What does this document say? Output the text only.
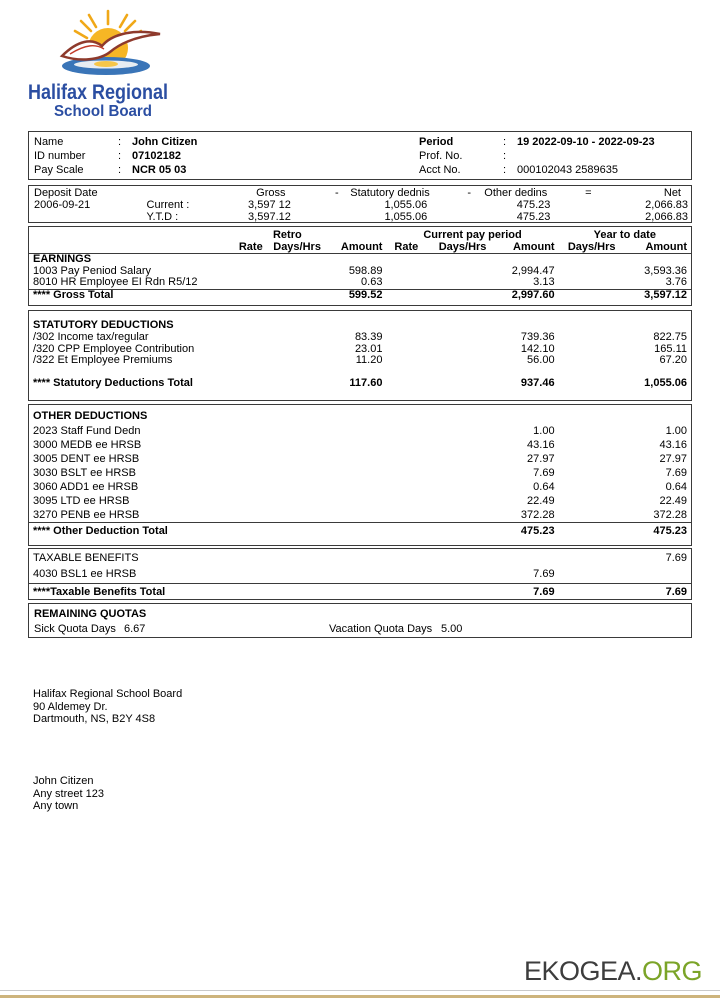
Halifax Regional
School Board
Name	: John Citizen
ID number	: 07102182
Pay Scale	: NCR 05 03
Period	: 19 2022-09-10 - 2022-09-23
Prof. No.	:
Acct No.	: 000102043 2589635
Deposit Date		Gross	-	Statutory dednis	-	Other dedins	=	Net
2006-09-21	Current :	3,597 12		1,055.06		475.23		2,066.83
	Y.T.D :	3,597.12		1,055.06		475.23		2,066.83
	Retro			Current pay period			Year to date	
	Rate	Days/Hrs	Amount	Rate	Days/Hrs	Amount	Days/Hrs	Amount
EARNINGS								
1003 Pay Peniod Salary			598.89			2,994.47		3,593.36
8010 HR Employee EI Rdn R5/12			0.63			3.13		3.76
**** Gross Total			599.52			2,997.60		3,597.12
STATUTORY DEDUCTIONS								
/302 Income tax/regular			83.39			739.36		822.75
/320 CPP Employee Contribution			23.01			142.10		165.11
/322 Et Employee Premiums			11.20			56.00		67.20

**** Statutory Deductions Total			117.60			937.46		1,055.06
OTHER DEDUCTIONS								
2023 Staff Fund Dedn						1.00		1.00
3000 MEDB ee HRSB						43.16		43.16
3005 DENT ee HRSB						27.97		27.97
3030 BSLT ee HRSB						7.69		7.69
3060 ADD1 ee HRSB						0.64		0.64
3095 LTD ee HRSB						22.49		22.49
3270 PENB ee HRSB						372.28		372.28
**** Other Deduction Total						475.23		475.23
TAXABLE BENEFITS								7.69
4030 BSL1 ee HRSB						7.69		
****Taxable Benefits Total						7.69		7.69
REMAINING QUOTAS
Sick Quota Days 6.67	Vacation Quota Days 5.00
Halifax Regional School Board
90 Aldemey Dr.
Dartmouth, NS, B2Y 4S8
John Citizen
Any street 123
Any town
EKOGEA.ORG
